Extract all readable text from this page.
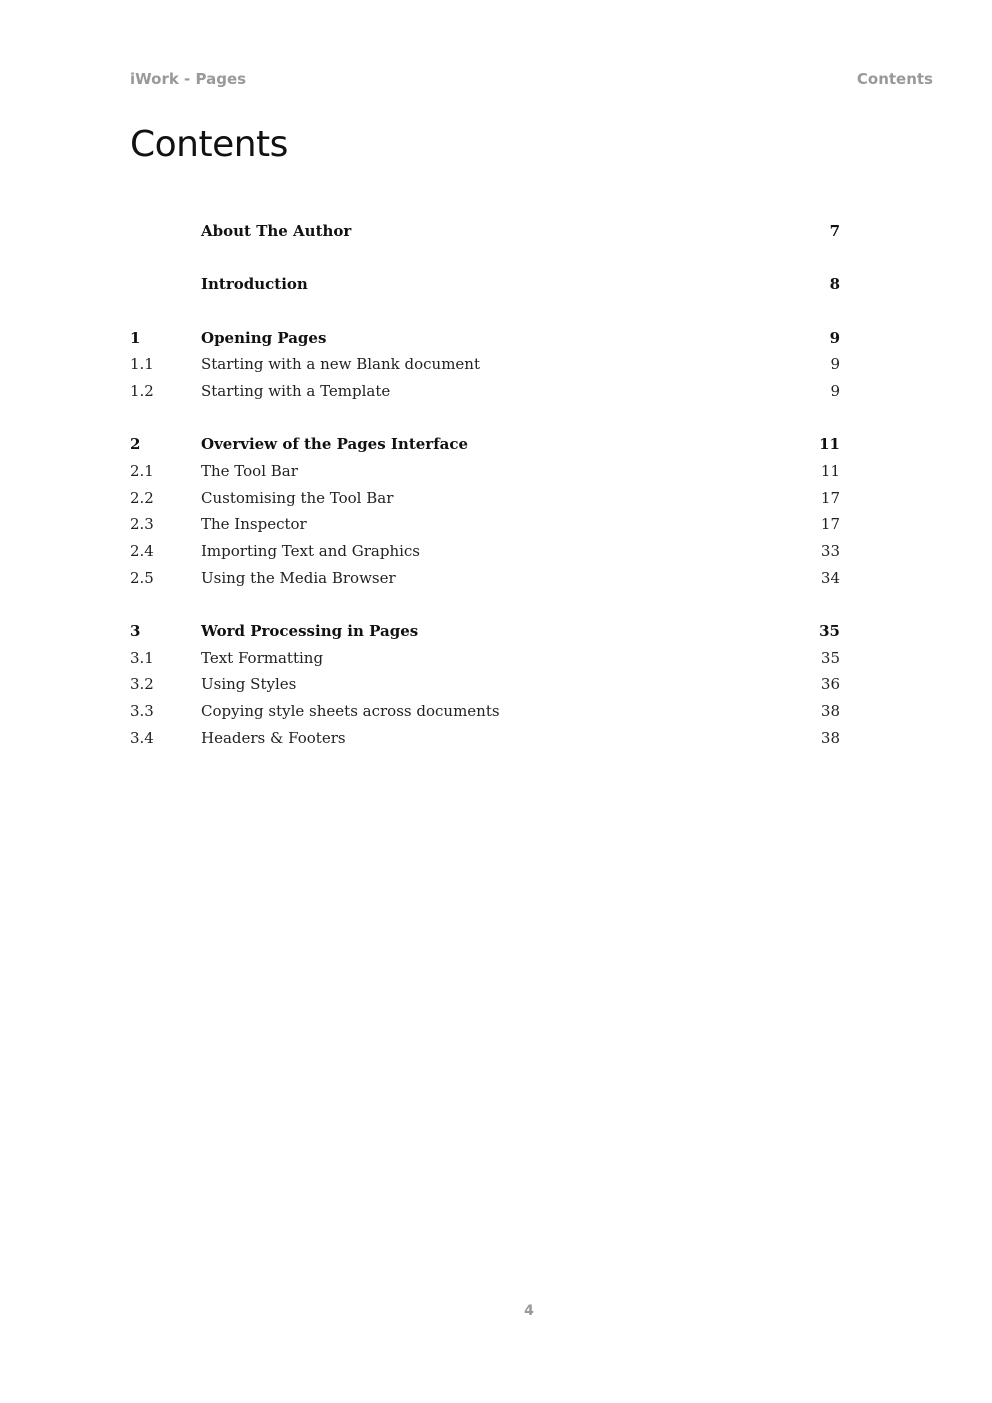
iWork - Pages	Contents
Contents
About The Author	7
Introduction	8
1	Opening Pages	9
1.1	Starting with a new Blank document	9
1.2	Starting with a Template	9
2	Overview of the Pages Interface	11
2.1	The Tool Bar	11
2.2	Customising the Tool Bar	17
2.3	The Inspector	17
2.4	Importing Text and Graphics	33
2.5	Using the Media Browser	34
3	Word Processing in Pages	35
3.1	Text Formatting	35
3.2	Using Styles	36
3.3	Copying style sheets across documents	38
3.4	Headers & Footers	38
4
